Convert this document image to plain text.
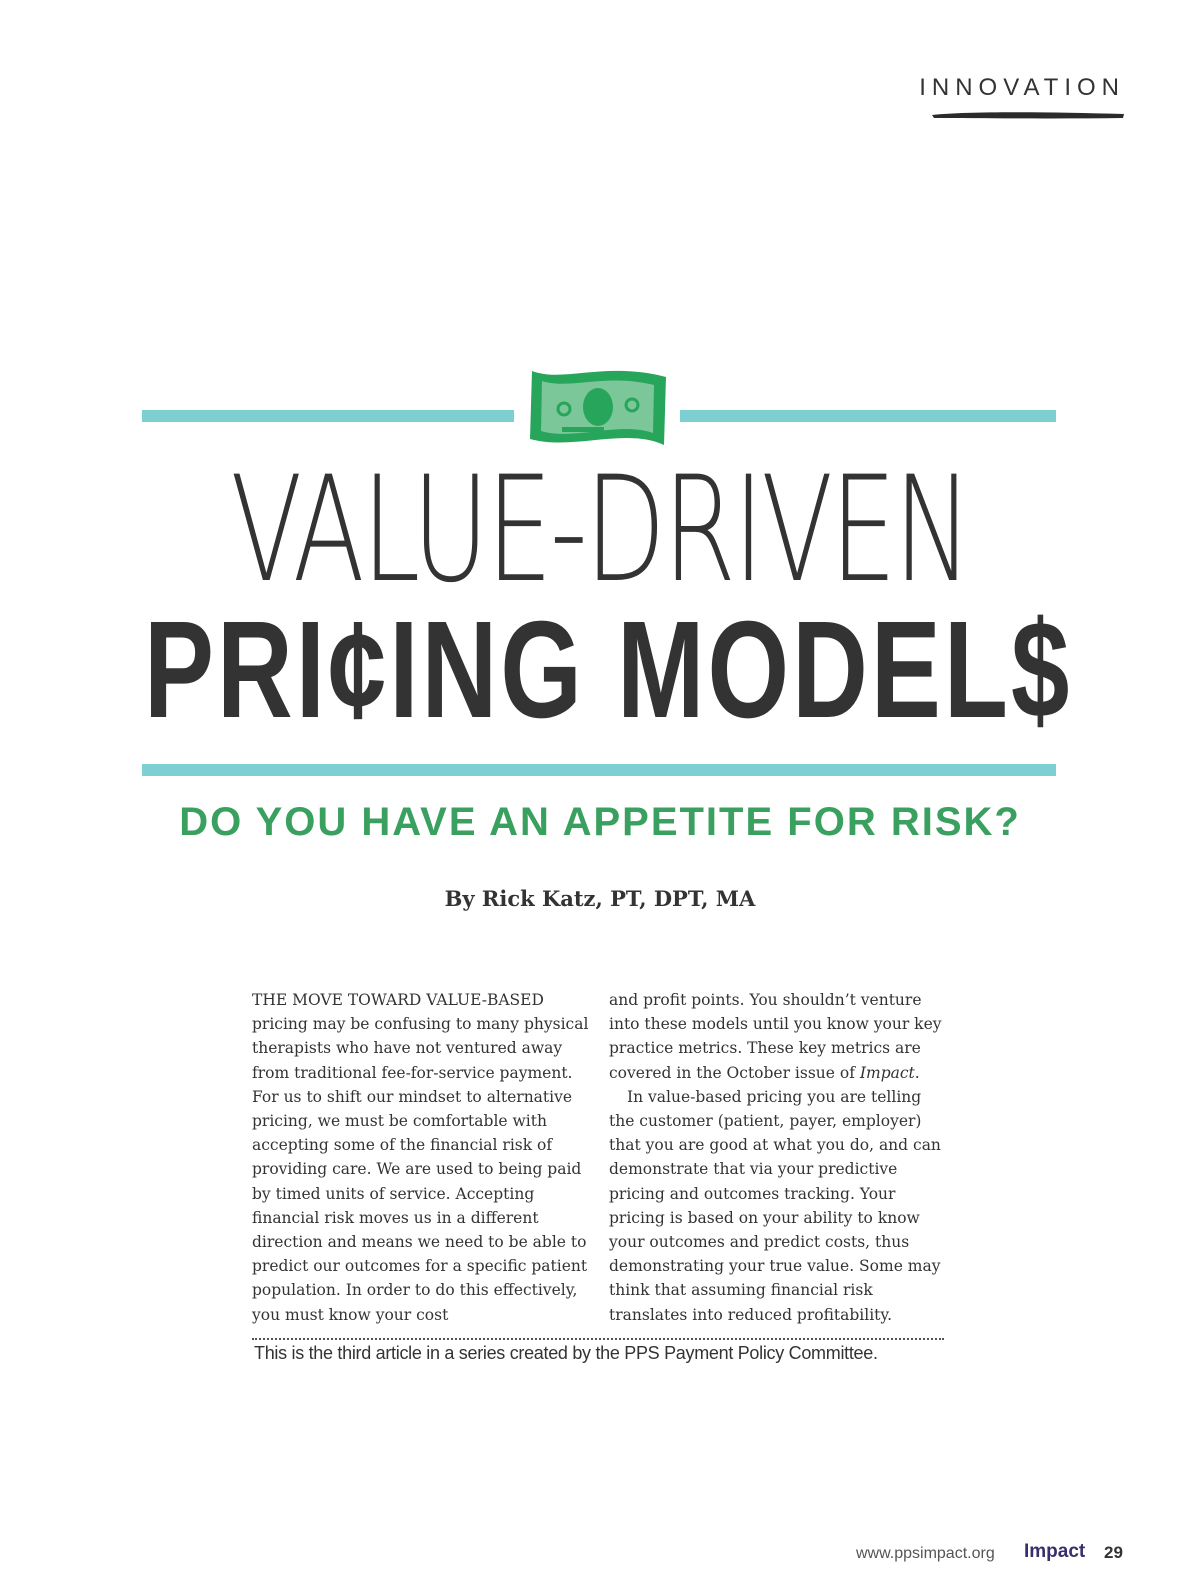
INNOVATION
VALUE-DRIVEN
PRI¢ING MODEL$
DO YOU HAVE AN APPETITE FOR RISK?
By Rick Katz, PT, DPT, MA

THE MOVE TOWARD VALUE-BASED pricing may be confusing to many physical therapists who have not ventured away from traditional fee-for-service payment. For us to shift our mindset to alternative pricing, we must be comfortable with accepting some of the financial risk of providing care. We are used to being paid by timed units of service. Accepting financial risk moves us in a different direction and means we need to be able to predict our outcomes for a specific patient population. In order to do this effectively, you must know your cost

and profit points. You shouldn’t venture into these models until you know your key practice metrics. These key metrics are covered in the October issue of Impact.

In value-based pricing you are telling the customer (patient, payer, employer) that you are good at what you do, and can demonstrate that via your predictive pricing and outcomes tracking. Your pricing is based on your ability to know your outcomes and predict costs, thus demonstrating your true value. Some may think that assuming financial risk translates into reduced profitability.

This is the third article in a series created by the PPS Payment Policy Committee.
www.ppsimpact.org Impact 29
